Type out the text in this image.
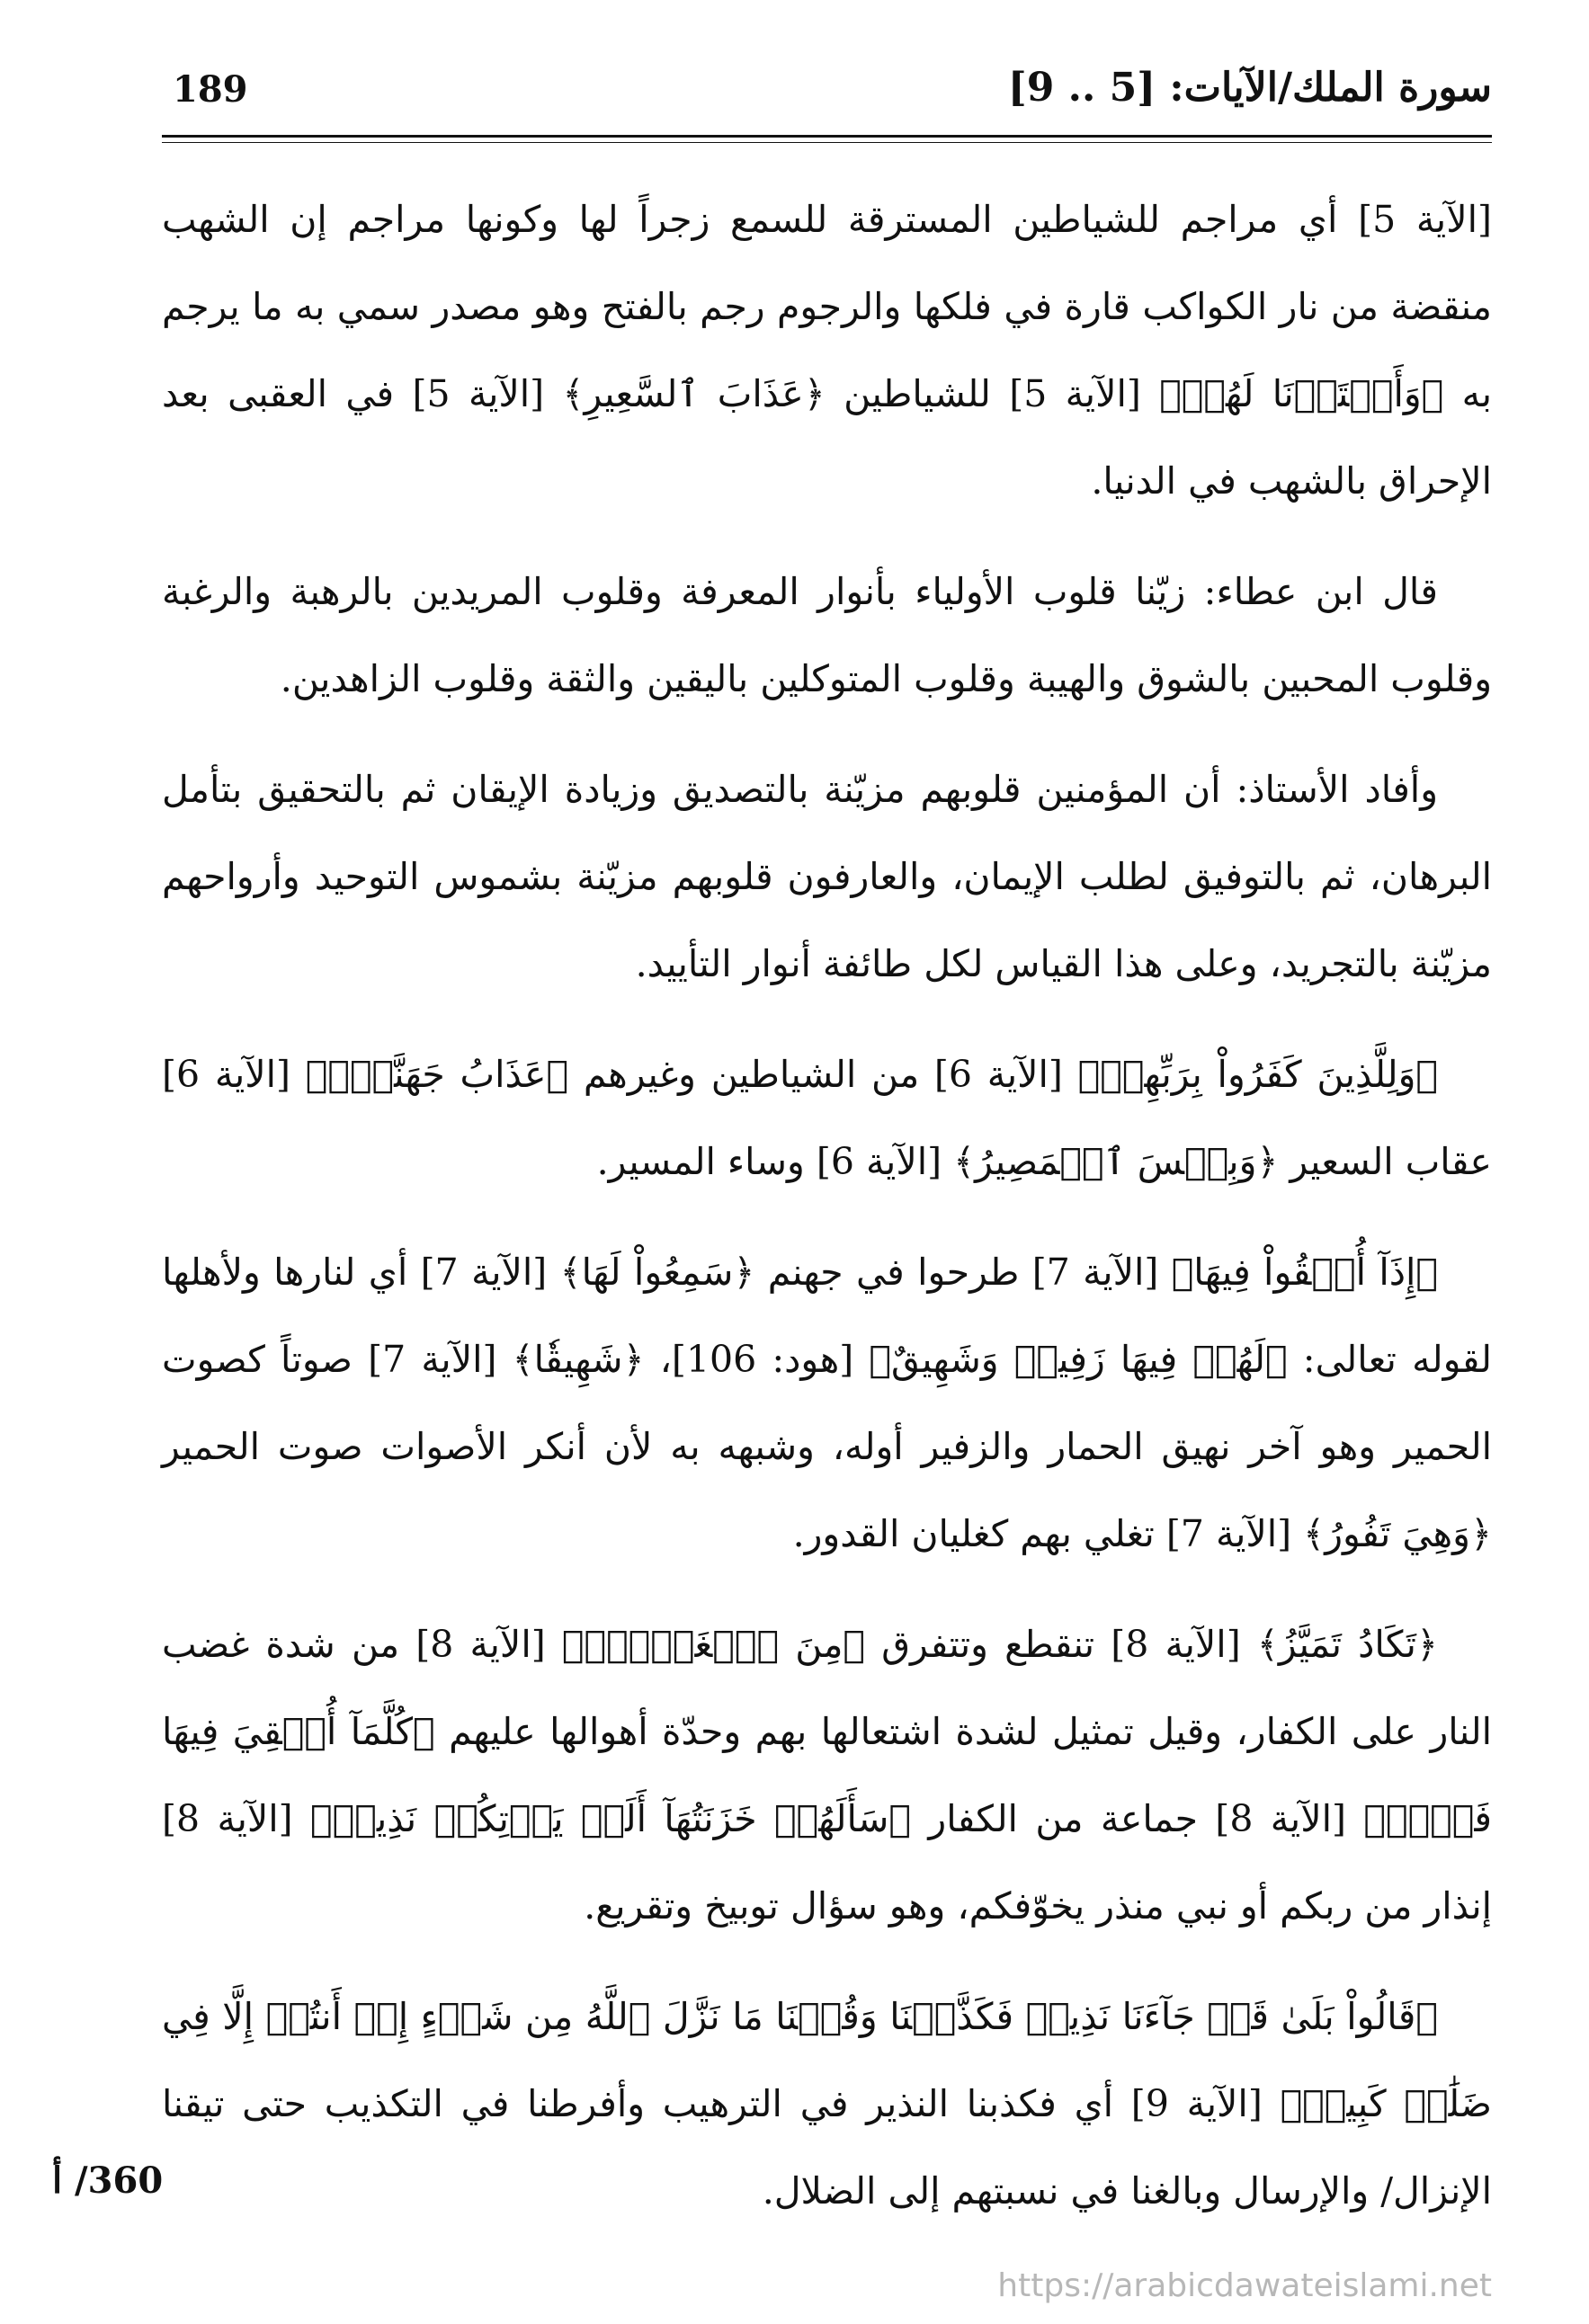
سورة الملك/الآيات: [5 .. 9]
189

[الآية 5] أي مراجم للشياطين المسترقة للسمع زجراً لها وكونها مراجم إن الشهب منقضة من نار الكواكب قارة في فلكها والرجوم رجم بالفتح وهو مصدر سمي به ما يرجم به ﴿وَأَعۡتَدۡنَا لَهُمۡ﴾ [الآية 5] للشياطين ﴿عَذَابَ ٱلسَّعِيرِ﴾ [الآية 5] في العقبى بعد الإحراق بالشهب في الدنيا.

قال ابن عطاء: زيّنا قلوب الأولياء بأنوار المعرفة وقلوب المريدين بالرهبة والرغبة وقلوب المحبين بالشوق والهيبة وقلوب المتوكلين باليقين والثقة وقلوب الزاهدين.

وأفاد الأستاذ: أن المؤمنين قلوبهم مزيّنة بالتصديق وزيادة الإيقان ثم بالتحقيق بتأمل البرهان، ثم بالتوفيق لطلب الإيمان، والعارفون قلوبهم مزيّنة بشموس التوحيد وأرواحهم مزيّنة بالتجريد، وعلى هذا القياس لكل طائفة أنوار التأييد.

﴿وَلِلَّذِينَ كَفَرُواْ بِرَبِّهِمۡ﴾ [الآية 6] من الشياطين وغيرهم ﴿عَذَابُ جَهَنَّمَۖ﴾ [الآية 6] عقاب السعير ﴿وَبِئۡسَ ٱلۡمَصِيرُ﴾ [الآية 6] وساء المسير.

﴿إِذَآ أُلۡقُواْ فِيهَا﴾ [الآية 7] طرحوا في جهنم ﴿سَمِعُواْ لَهَا﴾ [الآية 7] أي لنارها ولأهلها لقوله تعالى: ﴿لَهُمۡ فِيهَا زَفِيرٞ وَشَهِيقٌ﴾ [هود: 106]، ﴿شَهِيقٗا﴾ [الآية 7] صوتاً كصوت الحمير وهو آخر نهيق الحمار والزفير أوله، وشبهه به لأن أنكر الأصوات صوت الحمير ﴿وَهِيَ تَفُورُ﴾ [الآية 7] تغلي بهم كغليان القدور.

﴿تَكَادُ تَمَيَّزُ﴾ [الآية 8] تنقطع وتتفرق ﴿مِنَ ٱلۡغَيۡظِۖ﴾ [الآية 8] من شدة غضب النار على الكفار، وقيل تمثيل لشدة اشتعالها بهم وحدّة أهوالها عليهم ﴿كُلَّمَآ أُلۡقِيَ فِيهَا فَوۡجٞ﴾ [الآية 8] جماعة من الكفار ﴿سَأَلَهُمۡ خَزَنَتُهَآ أَلَمۡ يَأۡتِكُمۡ نَذِيرٞ﴾ [الآية 8] إنذار من ربكم أو نبي منذر يخوّفكم، وهو سؤال توبيخ وتقريع.

﴿قَالُواْ بَلَىٰ قَدۡ جَآءَنَا نَذِيرٞ فَكَذَّبۡنَا وَقُلۡنَا مَا نَزَّلَ ٱللَّهُ مِن شَيۡءٍ إِنۡ أَنتُمۡ إِلَّا فِي ضَلَٰلٖ كَبِيرٖ﴾ [الآية 9] أي فكذبنا النذير في الترهيب وأفرطنا في التكذيب حتى تيقنا الإنزال/ والإرسال وبالغنا في نسبتهم إلى الضلال.

360/ أ
https://arabicdawateislami.net
